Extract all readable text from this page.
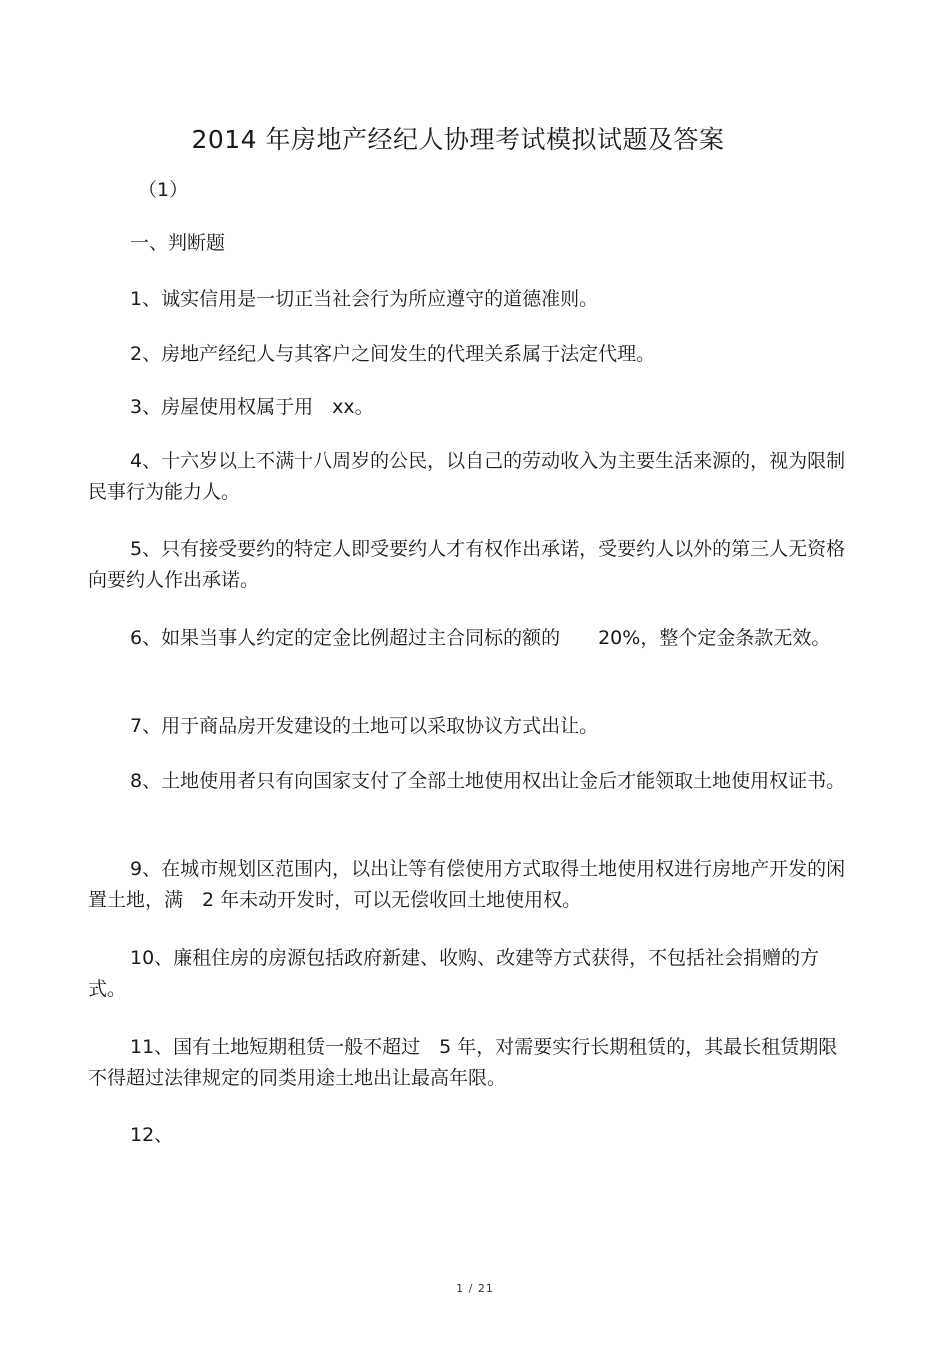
2014 年房地产经纪人协理考试模拟试题及答案
（1）
一、判断题
1、诚实信用是一切正当社会行为所应遵守的道德准则。
2、房地产经纪人与其客户之间发生的代理关系属于法定代理。
3、房屋使用权属于用　xx。
4、十六岁以上不满十八周岁的公民，以自己的劳动收入为主要生活来源的，视为限制民事行为能力人。
5、只有接受要约的特定人即受要约人才有权作出承诺，受要约人以外的第三人无资格向要约人作出承诺。
6、如果当事人约定的定金比例超过主合同标的额的　　20%，整个定金条款无效。
7、用于商品房开发建设的土地可以采取协议方式出让。
8、土地使用者只有向国家支付了全部土地使用权出让金后才能领取土地使用权证书。
9、在城市规划区范围内，以出让等有偿使用方式取得土地使用权进行房地产开发的闲置土地，满　2 年未动开发时，可以无偿收回土地使用权。
10、廉租住房的房源包括政府新建、收购、改建等方式获得，不包括社会捐赠的方式。
11、国有土地短期租赁一般不超过　5 年，对需要实行长期租赁的，其最长租赁期限不得超过法律规定的同类用途土地出让最高年限。
12、
1 / 21
